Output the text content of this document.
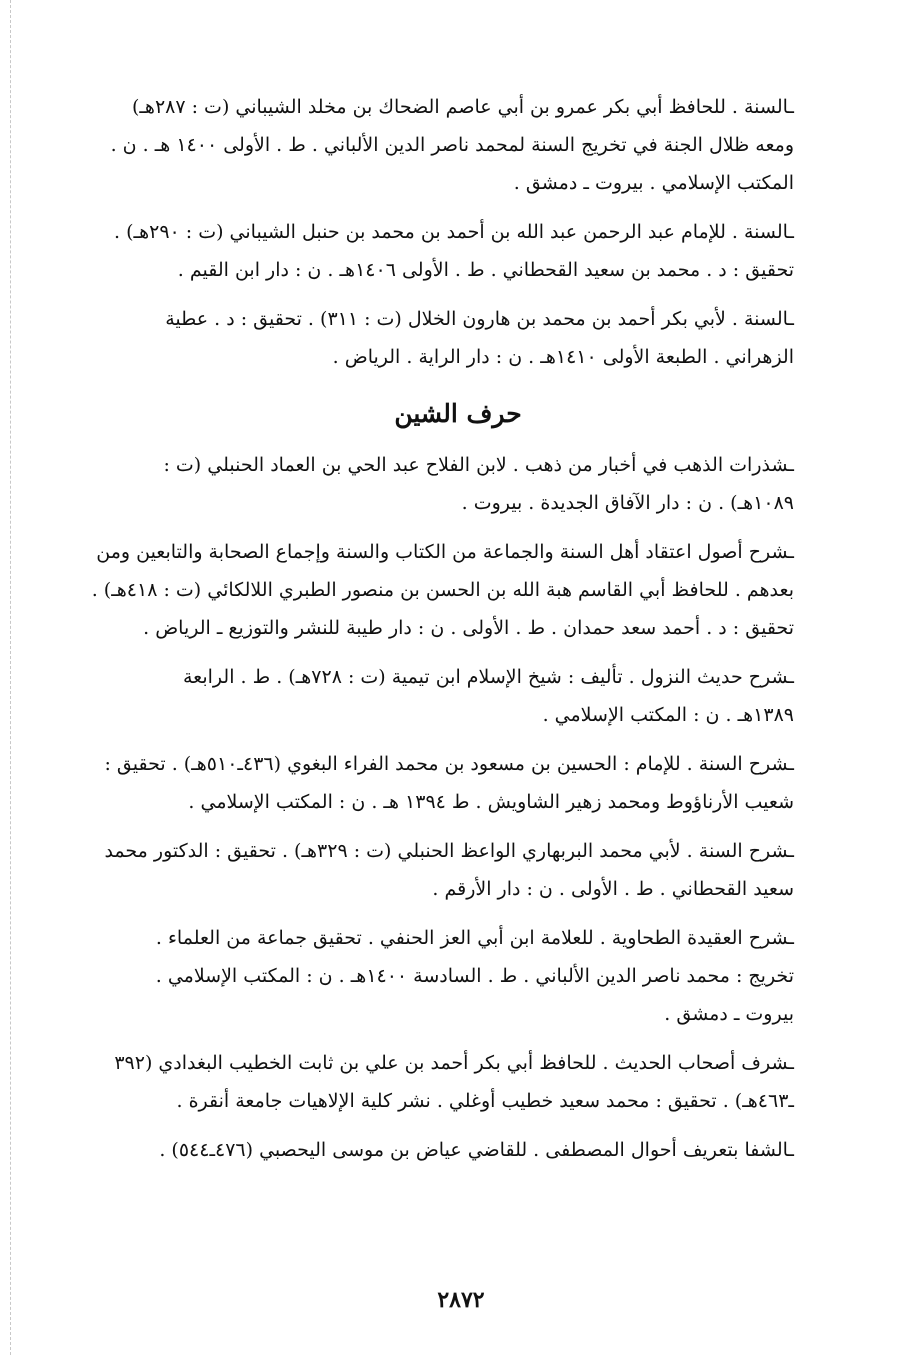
ـالسنة . للحافظ أبي بكر عمرو بن أبي عاصم الضحاك بن مخلد الشيباني (ت : ٢٨٧هـ)
ومعه ظلال الجنة في تخريج السنة لمحمد ناصر الدين الألباني . ط . الأولى ١٤٠٠ هـ . ن .
المكتب الإسلامي . بيروت ـ دمشق .
ـالسنة . للإمام عبد الرحمن عبد الله بن أحمد بن محمد بن حنبل الشيباني (ت : ٢٩٠هـ) .
تحقيق : د . محمد بن سعيد القحطاني . ط . الأولى ١٤٠٦هـ . ن : دار ابن القيم .
ـالسنة . لأبي بكر أحمد بن محمد بن هارون الخلال (ت : ٣١١) . تحقيق : د . عطية
الزهراني . الطبعة الأولى ١٤١٠هـ . ن : دار الراية . الرياض .
حرف الشين
ـشذرات الذهب في أخبار من ذهب . لابن الفلاح عبد الحي بن العماد الحنبلي (ت :
١٠٨٩هـ) . ن : دار الآفاق الجديدة . بيروت .
ـشرح أصول اعتقاد أهل السنة والجماعة من الكتاب والسنة وإجماع الصحابة والتابعين ومن
بعدهم . للحافظ أبي القاسم هبة الله بن الحسن بن منصور الطبري اللالكائي (ت : ٤١٨هـ) .
تحقيق : د . أحمد سعد حمدان . ط . الأولى . ن : دار طيبة للنشر والتوزيع ـ الرياض .
ـشرح حديث النزول . تأليف : شيخ الإسلام ابن تيمية (ت : ٧٢٨هـ) . ط . الرابعة
١٣٨٩هـ . ن : المكتب الإسلامي .
ـشرح السنة . للإمام : الحسين بن مسعود بن محمد الفراء البغوي (٤٣٦ـ٥١٠هـ) . تحقيق :
شعيب الأرناؤوط ومحمد زهير الشاويش . ط ١٣٩٤ هـ . ن : المكتب الإسلامي .
ـشرح السنة . لأبي محمد البربهاري الواعظ الحنبلي (ت : ٣٢٩هـ) . تحقيق : الدكتور محمد
سعيد القحطاني . ط . الأولى . ن : دار الأرقم .
ـشرح العقيدة الطحاوية . للعلامة ابن أبي العز الحنفي . تحقيق جماعة من العلماء .
تخريج : محمد ناصر الدين الألباني . ط . السادسة ١٤٠٠هـ . ن : المكتب الإسلامي .
بيروت ـ دمشق .
ـشرف أصحاب الحديث . للحافظ أبي بكر أحمد بن علي بن ثابت الخطيب البغدادي (٣٩٢
ـ٤٦٣هـ) . تحقيق : محمد سعيد خطيب أوغلي . نشر كلية الإلاهيات جامعة أنقرة .
ـالشفا بتعريف أحوال المصطفى . للقاضي عياض بن موسى اليحصبي (٤٧٦ـ٥٤٤) .
٢٨٧٢
